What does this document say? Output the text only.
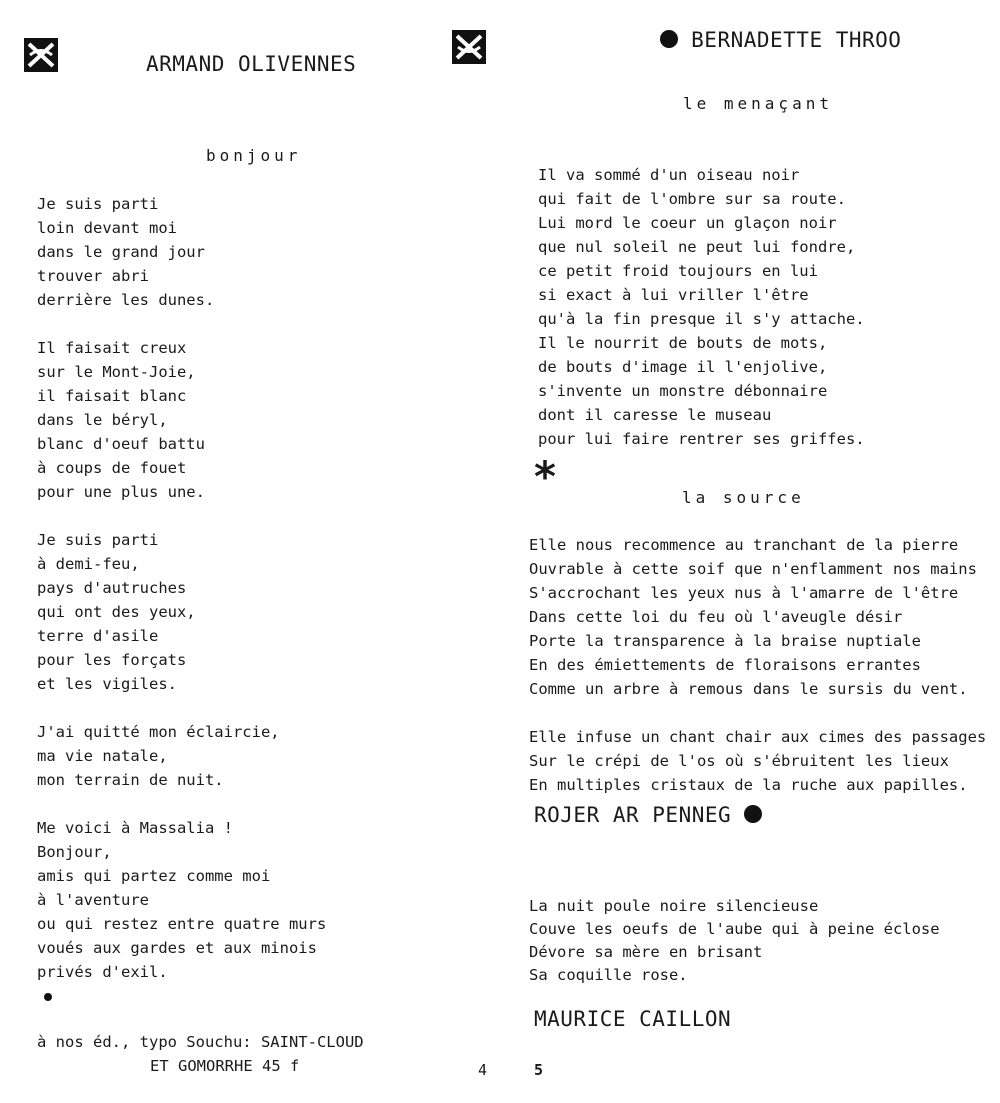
ARMAND OLIVENNES
bonjour
Je suis parti
loin devant moi
dans le grand jour
trouver abri
derrière les dunes.
Il faisait creux
sur le Mont-Joie,
il faisait blanc
dans le béryl,
blanc d'oeuf battu
à coups de fouet
pour une plus une.
Je suis parti
à demi-feu,
pays d'autruches
qui ont des yeux,
terre d'asile
pour les forçats
et les vigiles.
J'ai quitté mon éclaircie,
ma vie natale,
mon terrain de nuit.
Me voici à Massalia !
Bonjour,
amis qui partez comme moi
à l'aventure
ou qui restez entre quatre murs
voués aux gardes et aux minois
privés d'exil.
à nos éd., typo Souchu: SAINT-CLOUD
ET GOMORRHE 45 f	4
BERNADETTE THROO
le menaçant
Il va sommé d'un oiseau noir
qui fait de l'ombre sur sa route.
Lui mord le coeur un glaçon noir
que nul soleil ne peut lui fondre,
ce petit froid toujours en lui
si exact à lui vriller l'être
qu'à la fin presque il s'y attache.
Il le nourrit de bouts de mots,
de bouts d'image il l'enjolive,
s'invente un monstre débonnaire
dont il caresse le museau
pour lui faire rentrer ses griffes.
*	la source
Elle nous recommence au tranchant de la pierre
Ouvrable à cette soif que n'enflamment nos mains
S'accrochant les yeux nus à l'amarre de l'être
Dans cette loi du feu où l'aveugle désir
Porte la transparence à la braise nuptiale
En des émiettements de floraisons errantes
Comme un arbre à remous dans le sursis du vent.
Elle infuse un chant chair aux cimes des passages
Sur le crépi de l'os où s'ébruitent les lieux
En multiples cristaux de la ruche aux papilles.
ROJER AR PENNEG
La nuit poule noire silencieuse
Couve les oeufs de l'aube qui à peine éclose
Dévore sa mère en brisant
Sa coquille rose.
MAURICE CAILLON
5
